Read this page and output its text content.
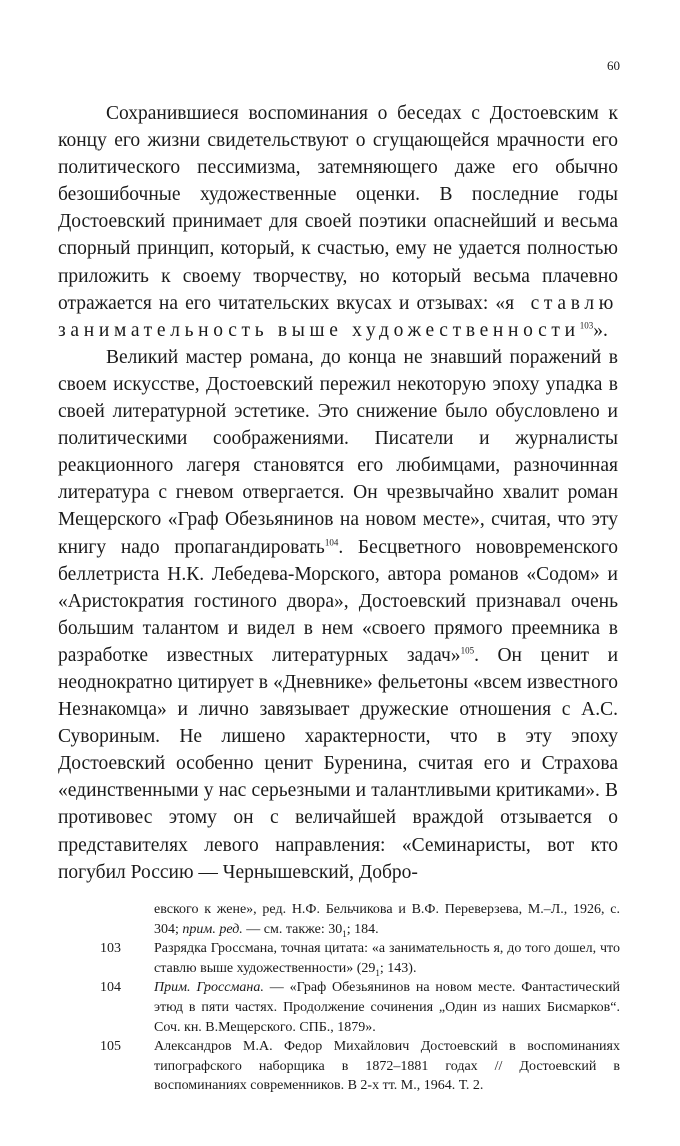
60

Сохранившиеся воспоминания о беседах с Достоевским к концу его жизни свидетельствуют о сгущающейся мрачности его политического пессимизма, затемняющего даже его обычно безошибочные художественные оценки. В последние годы Достоевский принимает для своей поэтики опаснейший и весьма спорный принцип, который, к счастью, ему не удается полностью приложить к своему творчеству, но который весьма плачевно отражается на его читательских вкусах и отзывах: «я ставлю занимательность выше художественности$^{103}$».

Великий мастер романа, до конца не знавший поражений в своем искусстве, Достоевский пережил некоторую эпоху упадка в своей литературной эстетике. Это снижение было обусловлено и политическими соображениями. Писатели и журналисты реакционного лагеря становятся его любимцами, разночинная литература с гневом отвергается. Он чрезвычайно хвалит роман Мещерского «Граф Обезьянинов на новом месте», считая, что эту книгу надо пропагандировать$^{104}$. Бесцветного нововременского беллетриста Н.К. Лебедева-Морского, автора романов «Содом» и «Аристократия гостиного двора», Достоевский признавал очень большим талантом и видел в нем «своего прямого преемника в разработке известных литературных задач»$^{105}$. Он ценит и неоднократно цитирует в «Дневнике» фельетоны «всем известного Незнакомца» и лично завязывает дружеские отношения с А.С. Сувориным. Не лишено характерности, что в эту эпоху Достоевский особенно ценит Буренина, считая его и Страхова «единственными у нас серьезными и талантливыми критиками». В противовес этому он с величайшей враждой отзывается о представителях левого направления: «Семинаристы, вот кто погубил Россию — Чернышевский, Добро-

евского к жене», ред. Н.Ф. Бельчикова и В.Ф. Переверзева, М.–Л., 1926, с. 304; прим. ред. — см. также: $30_1$; 184.

103	Разрядка Гроссмана, точная цитата: «а занимательность я, до того дошел, что ставлю выше художественности» ($29_1$; 143).
104	Прим. Гроссмана. — «Граф Обезьянинов на новом месте. Фантастический этюд в пяти частях. Продолжение сочинения „Один из наших Бисмарков“. Соч. кн. В.Мещерского. СПБ., 1879».
105	Александров М.А. Федор Михайлович Достоевский в воспоминаниях типографского наборщика в 1872–1881 годах // Достоевский в воспоминаниях современников. В 2-х тт. М., 1964. Т. 2.
